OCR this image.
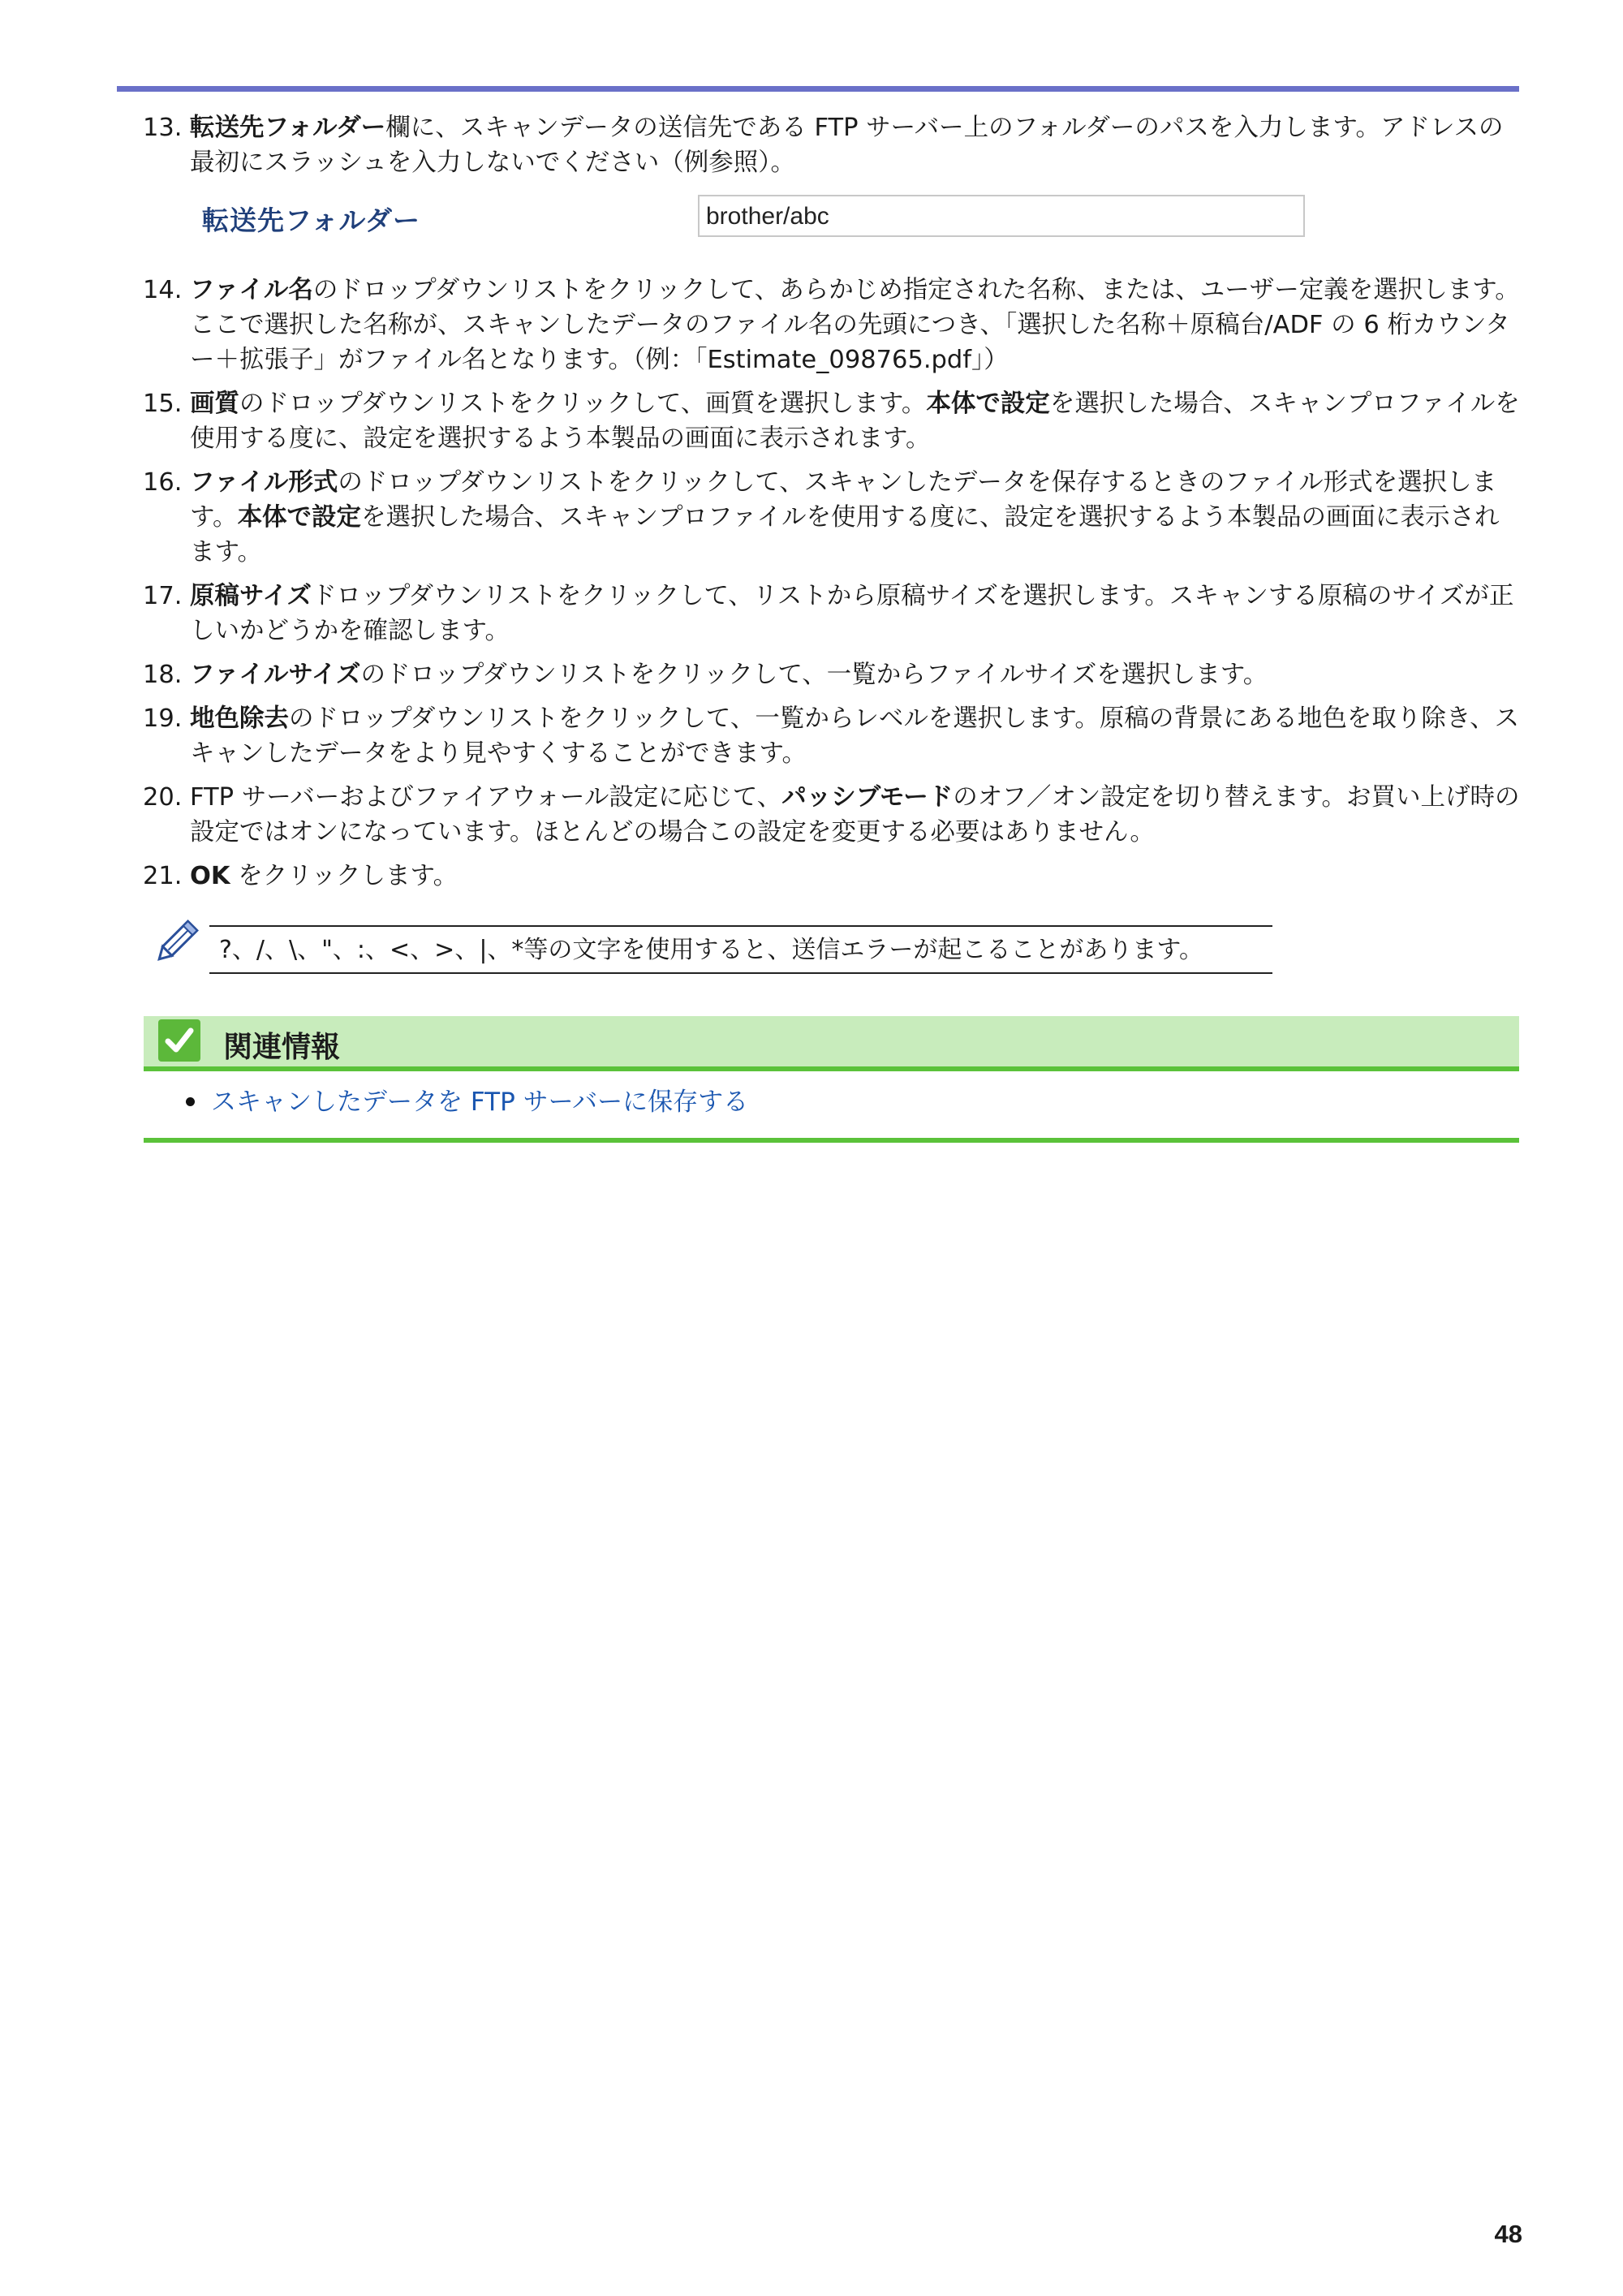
13. 転送先フォルダー欄に、スキャンデータの送信先である FTP サーバー上のフォルダーのパスを入力します。アドレスの最初にスラッシュを入力しないでください（例参照）。
転送先フォルダー	brother/abc
14. ファイル名のドロップダウンリストをクリックして、あらかじめ指定された名称、または、ユーザー定義を選択します。ここで選択した名称が、スキャンしたデータのファイル名の先頭につき、「選択した名称＋原稿台/ADF の 6 桁カウンター＋拡張子」がファイル名となります。（例：「Estimate_098765.pdf」）
15. 画質のドロップダウンリストをクリックして、画質を選択します。本体で設定を選択した場合、スキャンプロファイルを使用する度に、設定を選択するよう本製品の画面に表示されます。
16. ファイル形式のドロップダウンリストをクリックして、スキャンしたデータを保存するときのファイル形式を選択します。本体で設定を選択した場合、スキャンプロファイルを使用する度に、設定を選択するよう本製品の画面に表示されます。
17. 原稿サイズドロップダウンリストをクリックして、リストから原稿サイズを選択します。スキャンする原稿のサイズが正しいかどうかを確認します。
18. ファイルサイズのドロップダウンリストをクリックして、一覧からファイルサイズを選択します。
19. 地色除去のドロップダウンリストをクリックして、一覧からレベルを選択します。原稿の背景にある地色を取り除き、スキャンしたデータをより見やすくすることができます。
20. FTP サーバーおよびファイアウォール設定に応じて、パッシブモードのオフ／オン設定を切り替えます。お買い上げ時の設定ではオンになっています。ほとんどの場合この設定を変更する必要はありません。
21. OK をクリックします。
?、/、\、"、:、<、>、|、*等の文字を使用すると、送信エラーが起こることがあります。
関連情報
スキャンしたデータを FTP サーバーに保存する
48
